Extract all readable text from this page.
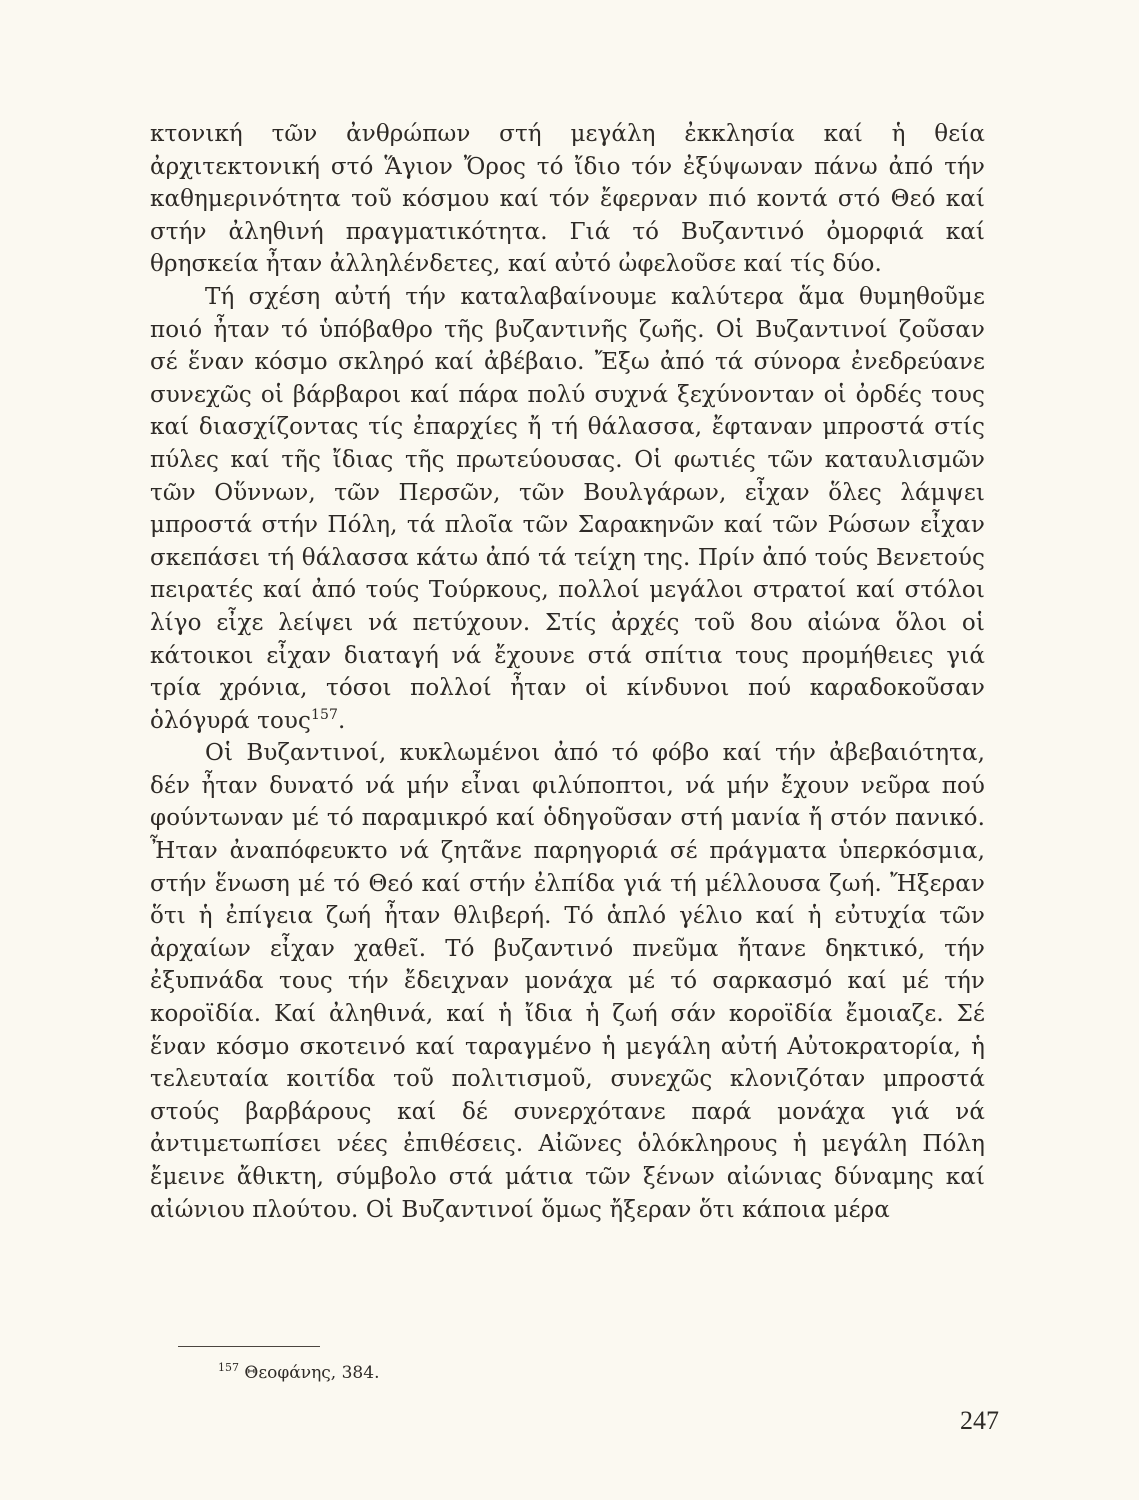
κτονική τῶν ἀνθρώπων στή μεγάλη ἐκκλησία καί ἡ θεία ἀρχιτεκτονική στό Ἅγιον Ὄρος τό ἴδιο τόν ἐξύψωναν πάνω ἀπό τήν καθημερινότητα τοῦ κόσμου καί τόν ἔφερναν πιό κοντά στό Θεό καί στήν ἀληθινή πραγματικότητα. Γιά τό Βυζαντινό ὀμορφιά καί θρησκεία ἦταν ἀλληλένδετες, καί αὐτό ὠφελοῦσε καί τίς δύο.

Τή σχέση αὐτή τήν καταλαβαίνουμε καλύτερα ἅμα θυμηθοῦμε ποιό ἦταν τό ὑπόβαθρο τῆς βυζαντινῆς ζωῆς. Οἱ Βυζαντινοί ζοῦσαν σέ ἕναν κόσμο σκληρό καί ἀβέβαιο. Ἔξω ἀπό τά σύνορα ἐνεδρεύανε συνεχῶς οἱ βάρβαροι καί πάρα πολύ συχνά ξεχύνονταν οἱ ὀρδές τους καί διασχίζοντας τίς ἐπαρχίες ἤ τή θάλασσα, ἔφταναν μπροστά στίς πύλες καί τῆς ἴδιας τῆς πρωτεύουσας. Οἱ φωτιές τῶν καταυλισμῶν τῶν Οὕννων, τῶν Περσῶν, τῶν Βουλγάρων, εἶχαν ὅλες λάμψει μπροστά στήν Πόλη, τά πλοῖα τῶν Σαρακηνῶν καί τῶν Ρώσων εἶχαν σκεπάσει τή θάλασσα κάτω ἀπό τά τείχη της. Πρίν ἀπό τούς Βενετούς πειρατές καί ἀπό τούς Τούρκους, πολλοί μεγάλοι στρατοί καί στόλοι λίγο εἶχε λείψει νά πετύχουν. Στίς ἀρχές τοῦ 8ου αἰώνα ὅλοι οἱ κάτοικοι εἶχαν διαταγή νά ἔχουνε στά σπίτια τους προμήθειες γιά τρία χρόνια, τόσοι πολλοί ἦταν οἱ κίνδυνοι πού καραδοκοῦσαν ὁλόγυρά τους$^{157}$.

Οἱ Βυζαντινοί, κυκλωμένοι ἀπό τό φόβο καί τήν ἀβεβαιότητα, δέν ἦταν δυνατό νά μήν εἶναι φιλύποπτοι, νά μήν ἔχουν νεῦρα πού φούντωναν μέ τό παραμικρό καί ὁδηγοῦσαν στή μανία ἤ στόν πανικό. Ἦταν ἀναπόφευκτο νά ζητᾶνε παρηγοριά σέ πράγματα ὑπερκόσμια, στήν ἕνωση μέ τό Θεό καί στήν ἐλπίδα γιά τή μέλλουσα ζωή. Ἤξεραν ὅτι ἡ ἐπίγεια ζωή ἦταν θλιβερή. Τό ἁπλό γέλιο καί ἡ εὐτυχία τῶν ἀρχαίων εἶχαν χαθεῖ. Τό βυζαντινό πνεῦμα ἤτανε δηκτικό, τήν ἐξυπνάδα τους τήν ἔδειχναν μονάχα μέ τό σαρκασμό καί μέ τήν κοροϊδία. Καί ἀληθινά, καί ἡ ἴδια ἡ ζωή σάν κοροϊδία ἔμοιαζε. Σέ ἕναν κόσμο σκοτεινό καί ταραγμένο ἡ μεγάλη αὐτή Αὐτοκρατορία, ἡ τελευταία κοιτίδα τοῦ πολιτισμοῦ, συνεχῶς κλονιζόταν μπροστά στούς βαρβάρους καί δέ συνερχότανε παρά μονάχα γιά νά ἀντιμετωπίσει νέες ἐπιθέσεις. Αἰῶνες ὁλόκληρους ἡ μεγάλη Πόλη ἔμεινε ἄθικτη, σύμβολο στά μάτια τῶν ξένων αἰώνιας δύναμης καί αἰώνιου πλούτου. Οἱ Βυζαντινοί ὅμως ἤξεραν ὅτι κάποια μέρα

$^{157}$ Θεοφάνης, 384.
247
